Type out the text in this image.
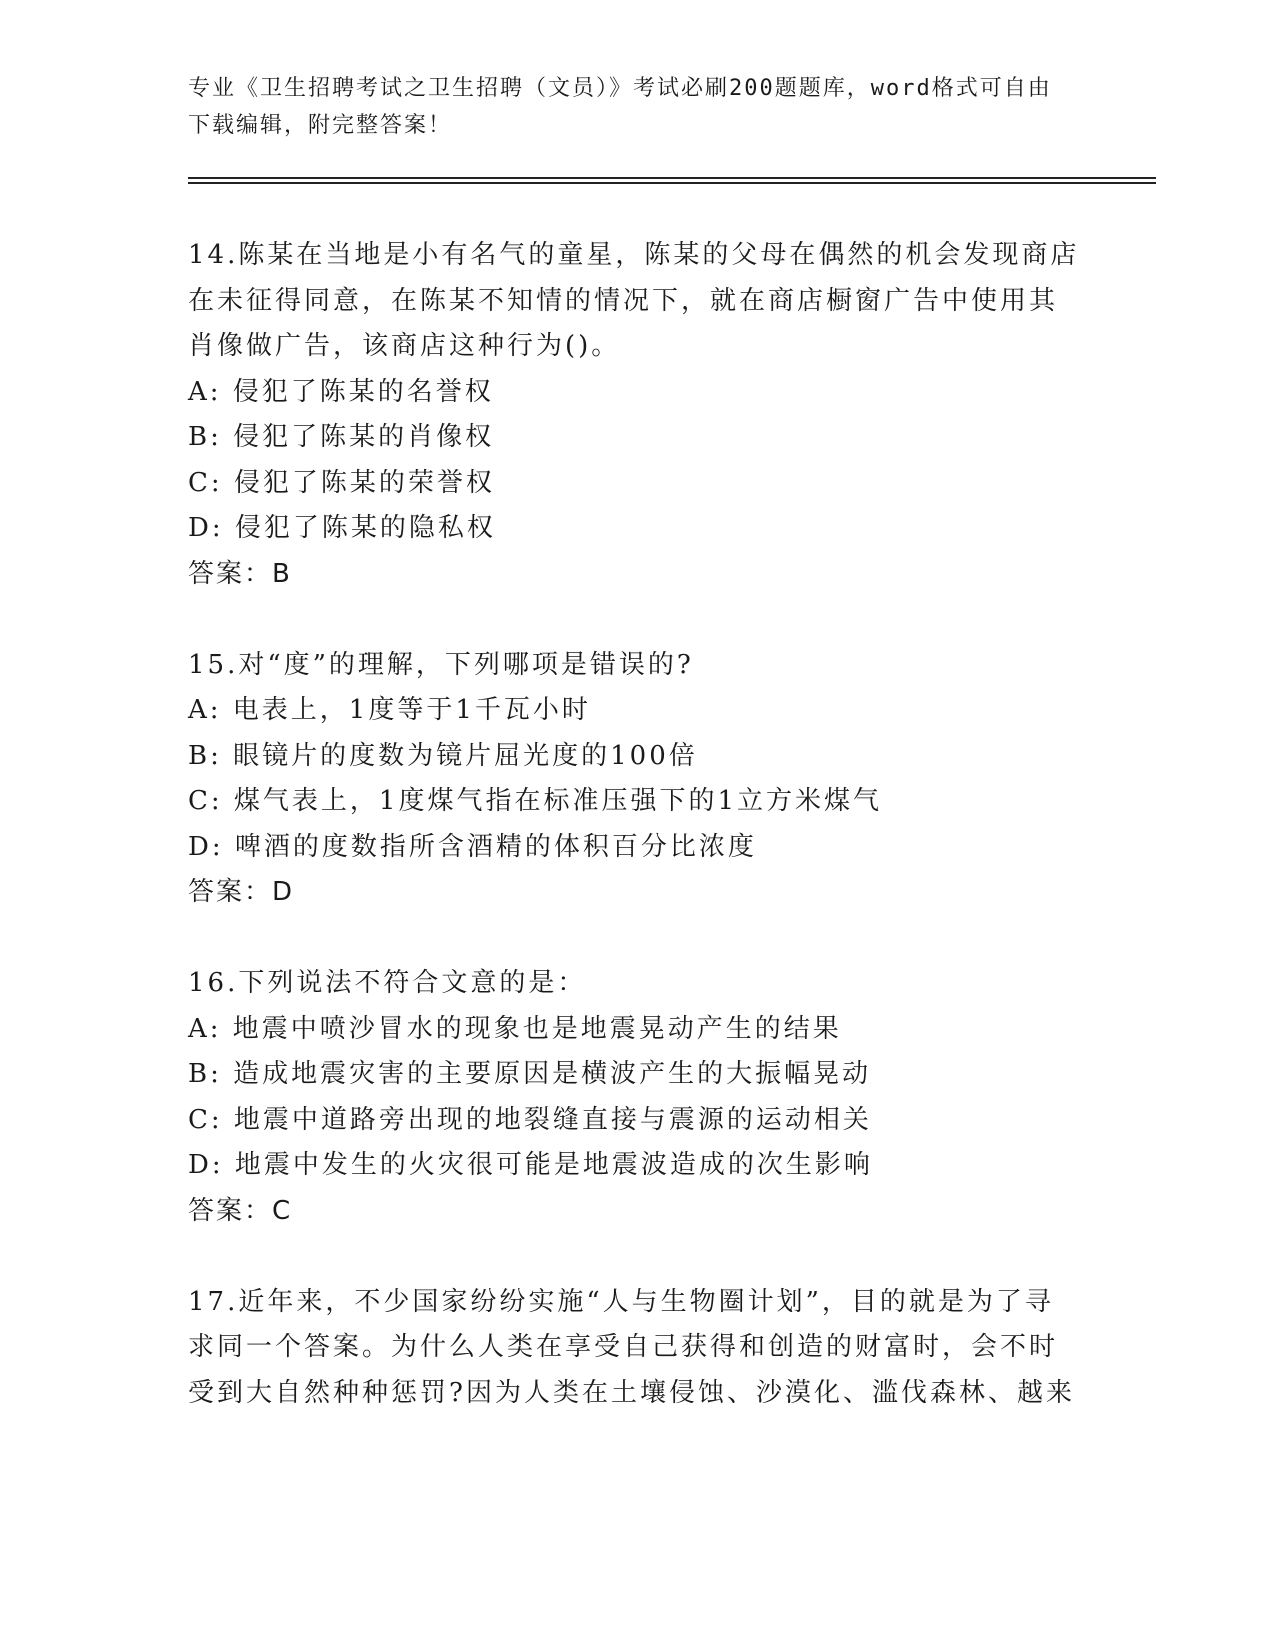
专业《卫生招聘考试之卫生招聘（文员）》考试必刷200题题库，word格式可自由下载编辑，附完整答案！
14.陈某在当地是小有名气的童星，陈某的父母在偶然的机会发现商店
在未征得同意，在陈某不知情的情况下，就在商店橱窗广告中使用其
肖像做广告，该商店这种行为()。
A: 侵犯了陈某的名誉权
B: 侵犯了陈某的肖像权
C: 侵犯了陈某的荣誉权
D: 侵犯了陈某的隐私权
答案：B
15.对“度”的理解，下列哪项是错误的?
A: 电表上，1度等于1千瓦小时
B: 眼镜片的度数为镜片屈光度的100倍
C: 煤气表上，1度煤气指在标准压强下的1立方米煤气
D: 啤酒的度数指所含酒精的体积百分比浓度
答案：D
16.下列说法不符合文意的是：
A: 地震中喷沙冒水的现象也是地震晃动产生的结果
B: 造成地震灾害的主要原因是横波产生的大振幅晃动
C: 地震中道路旁出现的地裂缝直接与震源的运动相关
D: 地震中发生的火灾很可能是地震波造成的次生影响
答案：C
17.近年来，不少国家纷纷实施“人与生物圈计划”，目的就是为了寻
求同一个答案。为什么人类在享受自己获得和创造的财富时，会不时
受到大自然种种惩罚?因为人类在土壤侵蚀、沙漠化、滥伐森林、越来
